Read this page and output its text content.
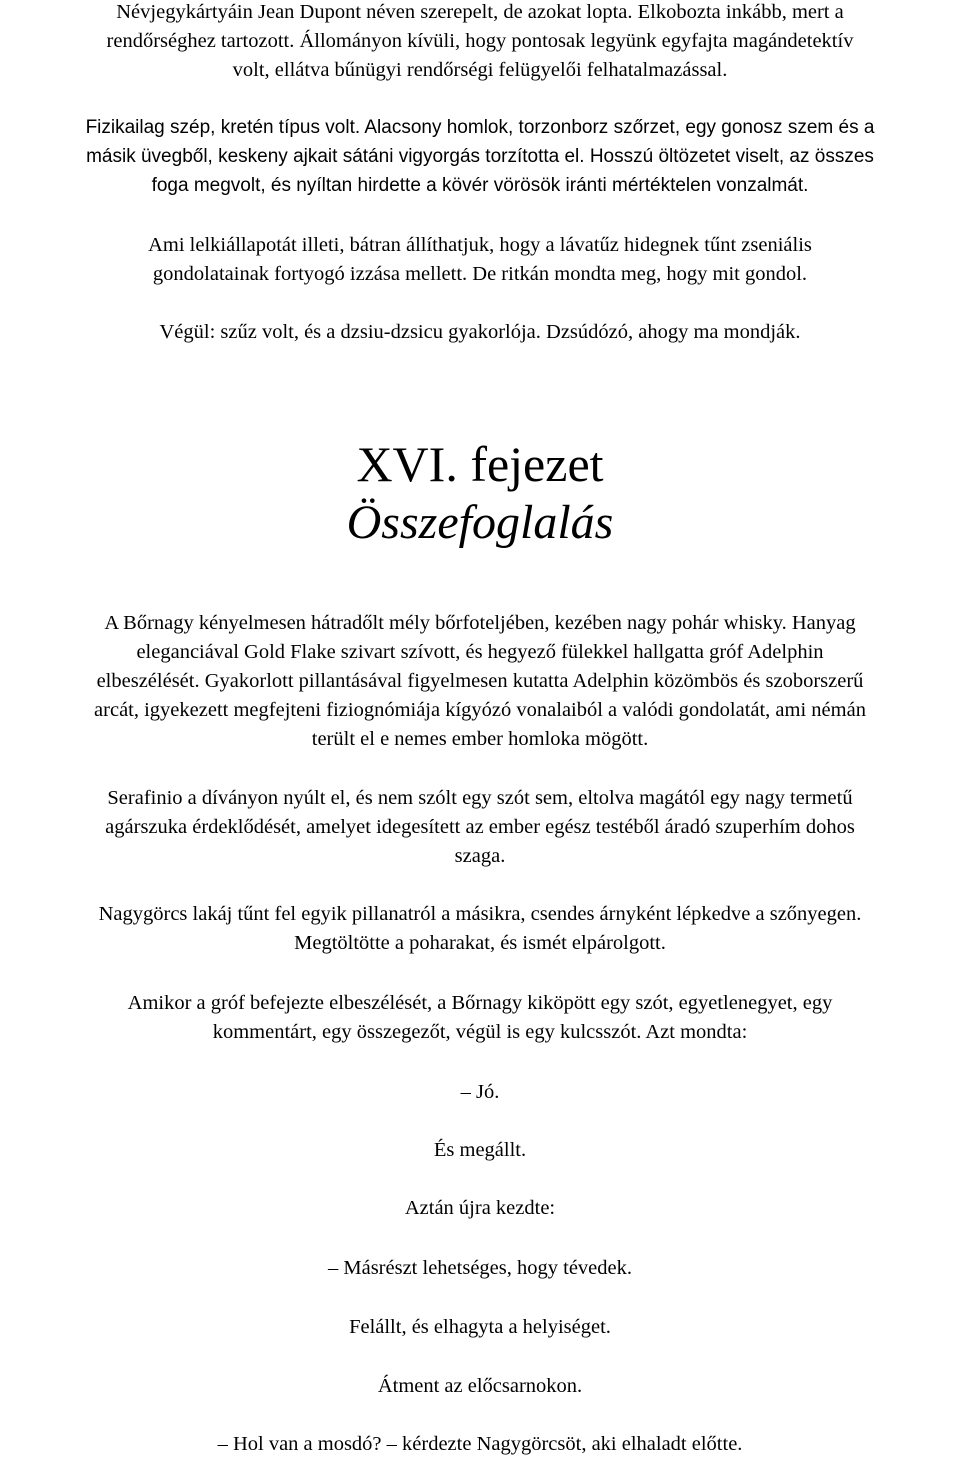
Névjegykártyáin Jean Dupont néven szerepelt, de azokat lopta. Elkobozta inkább, mert a
rendőrséghez tartozott. Állományon kívüli, hogy pontosak legyünk egyfajta magándetektív
volt, ellátva bűnügyi rendőrségi felügyelői felhatalmazással.

Fizikailag szép, kretén típus volt. Alacsony homlok, torzonborz szőrzet, egy gonosz szem és a
másik üvegből, keskeny ajkait sátáni vigyorgás torzította el. Hosszú öltözetet viselt, az összes
foga megvolt, és nyíltan hirdette a kövér vörösök iránti mértéktelen vonzalmát.

Ami lelkiállapotát illeti, bátran állíthatjuk, hogy a lávatűz hidegnek tűnt zseniális
gondolatainak fortyogó izzása mellett. De ritkán mondta meg, hogy mit gondol.

Végül: szűz volt, és a dzsiu-dzsicu gyakorlója. Dzsúdózó, ahogy ma mondják.

XVI. fejezet
Összefoglalás

A Bőrnagy kényelmesen hátradőlt mély bőrfoteljében, kezében nagy pohár whisky. Hanyag
eleganciával Gold Flake szivart szívott, és hegyező fülekkel hallgatta gróf Adelphin
elbeszélését. Gyakorlott pillantásával figyelmesen kutatta Adelphin közömbös és szoborszerű
arcát, igyekezett megfejteni fiziognómiája kígyózó vonalaiból a valódi gondolatát, ami némán
terült el e nemes ember homloka mögött.

Serafinio a díványon nyúlt el, és nem szólt egy szót sem, eltolva magától egy nagy termetű
agárszuka érdeklődését, amelyet idegesített az ember egész testéből áradó szuperhím dohos
szaga.

Nagygörcs lakáj tűnt fel egyik pillanatról a másikra, csendes árnyként lépkedve a szőnyegen.
Megtöltötte a poharakat, és ismét elpárolgott.

Amikor a gróf befejezte elbeszélését, a Bőrnagy kiköpött egy szót, egyetlenegyet, egy
kommentárt, egy összegezőt, végül is egy kulcsszót. Azt mondta:

– Jó.

És megállt.

Aztán újra kezdte:

– Másrészt lehetséges, hogy tévedek.

Felállt, és elhagyta a helyiséget.

Átment az előcsarnokon.

– Hol van a mosdó? – kérdezte Nagygörcsöt, aki elhaladt előtte.
